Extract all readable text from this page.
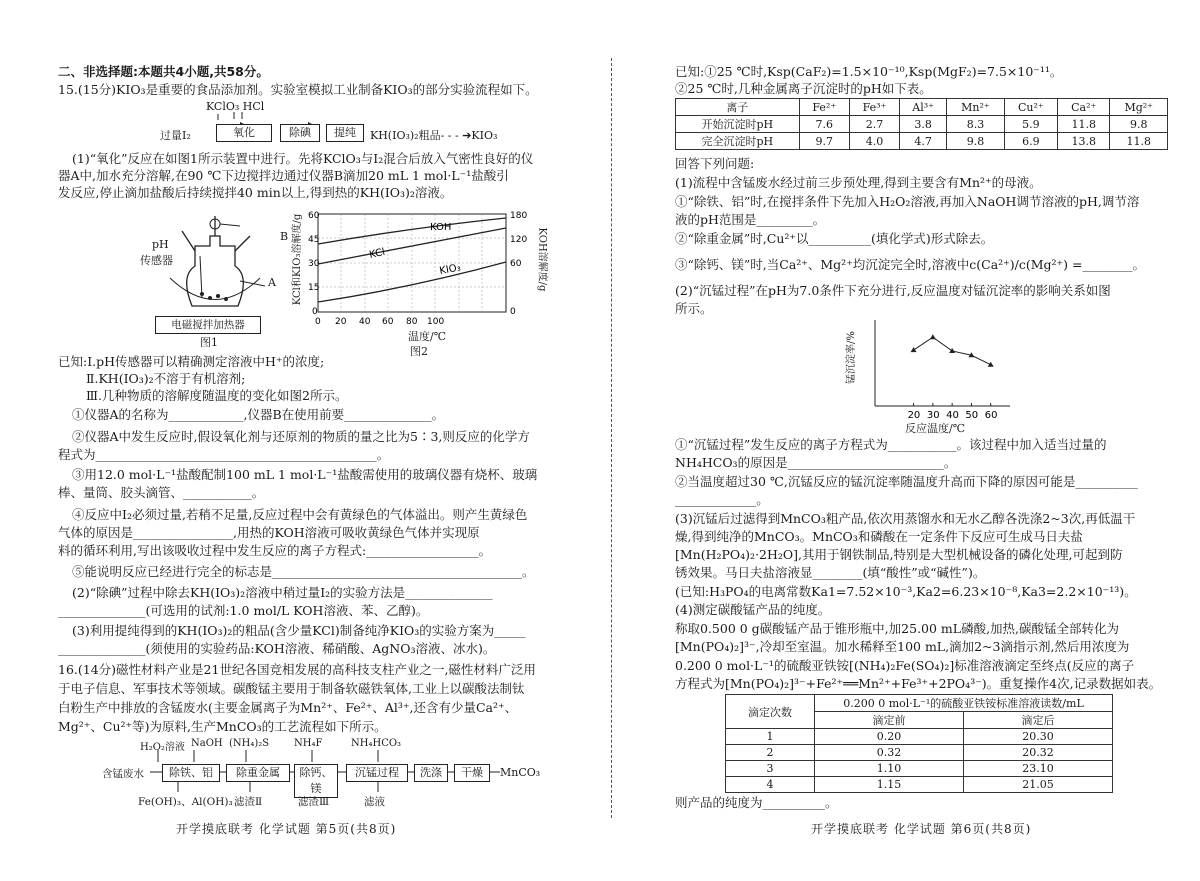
二、非选择题:本题共4小题,共58分。
15.(15分)KIO₃是重要的食品添加剂。实验室模拟工业制备KIO₃的部分实验流程如下。
KClO₃ HCl
过量I₂	氧化	除碘	提纯	KH(IO₃)₂粗品- - - ➔KIO₃
(1)“氧化”反应在如图1所示装置中进行。先将KClO₃与I₂混合后放入气密性良好的仪
器A中,加水充分溶解,在90 ℃下边搅拌边通过仪器B滴加20 mL 1 mol·L⁻¹盐酸引
发反应,停止滴加盐酸后持续搅拌40 min以上,得到热的KH(IO₃)₂溶液。
B
pH
传感器
A
电磁搅拌加热器
图1
KOH
KCl
KIO₃
60
45
30
15
0
180
120
60
0
0 20 40 60 80 100
KCl和KIO₃溶解度/g	KOH溶解度/g
温度/℃
图2
已知:Ⅰ.pH传感器可以精确测定溶液中H⁺的浓度;
Ⅱ.KH(IO₃)₂不溶于有机溶剂;
Ⅲ.几种物质的溶解度随温度的变化如图2所示。
①仪器A的名称为____________,仪器B在使用前要______________。
②仪器A中发生反应时,假设氧化剂与还原剂的物质的量之比为5∶3,则反应的化学方
程式为_____________________________________________。
③用12.0 mol·L⁻¹盐酸配制100 mL 1 mol·L⁻¹盐酸需使用的玻璃仪器有烧杯、玻璃
棒、量筒、胶头滴管、___________。
④反应中I₂必须过量,若稍不足量,反应过程中会有黄绿色的气体溢出。则产生黄绿色
气体的原因是________________,用热的KOH溶液可吸收黄绿色气体并实现原
料的循环利用,写出该吸收过程中发生反应的离子方程式:__________________。
⑤能说明反应已经进行完全的标志是________________________________________。
(2)“除碘”过程中除去KH(IO₃)₂溶液中稍过量I₂的实验方法是______________
______________(可选用的试剂:1.0 mol/L KOH溶液、苯、乙醇)。
(3)利用提纯得到的KH(IO₃)₂的粗品(含少量KCl)制备纯净KIO₃的实验方案为_____
______________(须使用的实验药品:KOH溶液、稀硝酸、AgNO₃溶液、冰水)。
16.(14分)磁性材料产业是21世纪各国竞相发展的高科技支柱产业之一,磁性材料广泛用
于电子信息、军事技术等领域。碳酸锰主要用于制备软磁铁氧体,工业上以碳酸法制钛
白粉生产中排放的含锰废水(主要金属离子为Mn²⁺、Fe²⁺、Al³⁺,还含有少量Ca²⁺、
Mg²⁺、Cu²⁺等)为原料,生产MnCO₃的工艺流程如下所示。
H₂O₂溶液 NaOH (NH₄)₂S NH₄F	NH₄HCO₃
含锰废水	除铁、铝	除重金属	除钙、镁
沉锰过程	洗涤	干燥	MnCO₃
Fe(OH)₃、Al(OH)₃ 滤渣Ⅱ	滤渣Ⅲ	滤液
开学摸底联考 化学试题 第5页(共8页)
已知:①25 ℃时,Ksp(CaF₂)=1.5×10⁻¹⁰,Ksp(MgF₂)=7.5×10⁻¹¹。
②25 ℃时,几种金属离子沉淀时的pH如下表。
离子	Fe²⁺	Fe³⁺	Al³⁺	Mn²⁺	Cu²⁺	Ca²⁺	Mg²⁺
开始沉淀时pH	7.6	2.7	3.8	8.3	5.9	11.8	9.8
完全沉淀时pH	9.7	4.0	4.7	9.8	6.9	13.8	11.8
回答下列问题:
(1)流程中含锰废水经过前三步预处理,得到主要含有Mn²⁺的母液。
①“除铁、铝”时,在搅拌条件下先加入H₂O₂溶液,再加入NaOH调节溶液的pH,调节溶
液的pH范围是_________。
②“除重金属”时,Cu²⁺以__________(填化学式)形式除去。
③“除钙、镁”时,当Ca²⁺、Mg²⁺均沉淀完全时,溶液中c(Ca²⁺)/c(Mg²⁺) =________。
(2)“沉锰过程”在pH为7.0条件下充分进行,反应温度对锰沉淀率的影响关系如图
所示。
20 30 40 50 60
锰沉淀率/%
反应温度/℃
①“沉锰过程”发生反应的离子方程式为___________。该过程中加入适当过量的
NH₄HCO₃的原因是_________________________。
②当温度超过30 ℃,沉锰反应的锰沉淀率随温度升高而下降的原因可能是__________
_____________。
(3)沉锰后过滤得到MnCO₃粗产品,依次用蒸馏水和无水乙醇各洗涤2~3次,再低温干
燥,得到纯净的MnCO₃。MnCO₃和磷酸在一定条件下反应可生成马日夫盐
[Mn(H₂PO₄)₂·2H₂O],其用于钢铁制品,特别是大型机械设备的磷化处理,可起到防
锈效果。马日夫盐溶液显________(填“酸性”或“碱性”)。
(已知:H₃PO₄的电离常数Ka1=7.52×10⁻³,Ka2=6.23×10⁻⁸,Ka3=2.2×10⁻¹³)。
(4)测定碳酸锰产品的纯度。
称取0.500 0 g碳酸锰产品于锥形瓶中,加25.00 mL磷酸,加热,碳酸锰全部转化为
[Mn(PO₄)₂]³⁻,冷却至室温。加水稀释至100 mL,滴加2~3滴指示剂,然后用浓度为
0.200 0 mol·L⁻¹的硫酸亚铁铵[(NH₄)₂Fe(SO₄)₂]标准溶液滴定至终点(反应的离子
方程式为[Mn(PO₄)₂]³⁻+Fe²⁺══Mn²⁺+Fe³⁺+2PO₄³⁻)。重复操作4次,记录数据如表。
滴定次数	0.200 0 mol·L⁻¹的硫酸亚铁铵标准溶液读数/mL	
	滴定前	滴定后
1	0.20	20.30
2	0.32	20.32
3	1.10	23.10
4	1.15	21.05
则产品的纯度为__________。
开学摸底联考 化学试题 第6页(共8页)
